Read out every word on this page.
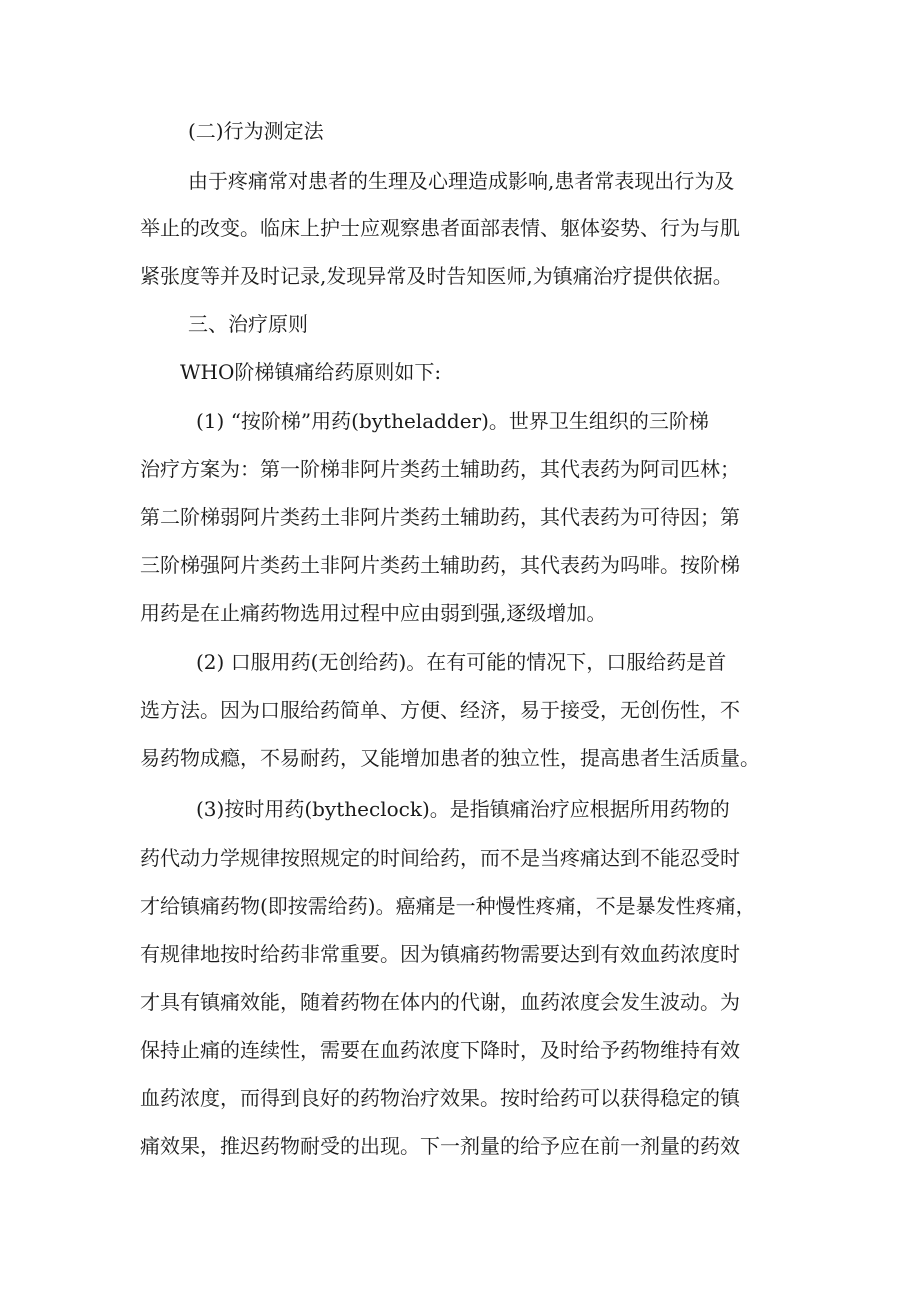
(二)行为测定法

由于疼痛常对患者的生理及心理造成影响,患者常表现出行为及

举止的改变。临床上护士应观察患者面部表情、躯体姿势、行为与肌

紧张度等并及时记录,发现异常及时告知医师,为镇痛治疗提供依据。

三、治疗原则

WHO阶梯镇痛给药原则如下:

(1) “按阶梯”用药(bytheladder)。世界卫生组织的三阶梯

治疗方案为：第一阶梯非阿片类药土辅助药，其代表药为阿司匹林；

第二阶梯弱阿片类药土非阿片类药土辅助药，其代表药为可待因；第

三阶梯强阿片类药土非阿片类药土辅助药，其代表药为吗啡。按阶梯

用药是在止痛药物选用过程中应由弱到强,逐级增加。

(2) 口服用药(无创给药)。在有可能的情况下，口服给药是首

选方法。因为口服给药简单、方便、经济，易于接受，无创伤性，不

易药物成瘾，不易耐药，又能增加患者的独立性，提高患者生活质量。

(3)按时用药(bytheclock)。是指镇痛治疗应根据所用药物的

药代动力学规律按照规定的时间给药，而不是当疼痛达到不能忍受时

才给镇痛药物(即按需给药)。癌痛是一种慢性疼痛，不是暴发性疼痛，

有规律地按时给药非常重要。因为镇痛药物需要达到有效血药浓度时

才具有镇痛效能，随着药物在体内的代谢，血药浓度会发生波动。为

保持止痛的连续性，需要在血药浓度下降时，及时给予药物维持有效

血药浓度，而得到良好的药物治疗效果。按时给药可以获得稳定的镇

痛效果，推迟药物耐受的出现。下一剂量的给予应在前一剂量的药效
